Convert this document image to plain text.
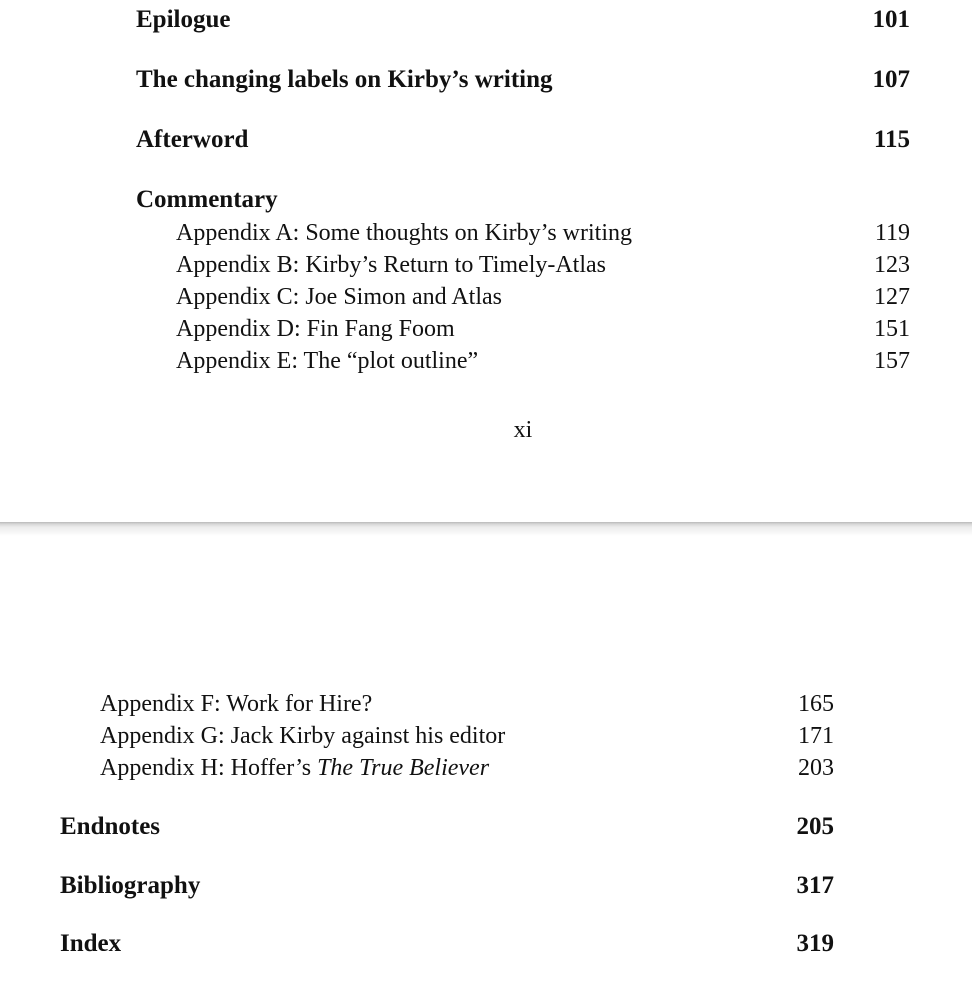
Epilogue	101
The changing labels on Kirby’s writing	107
Afterword	115
Commentary
Appendix A: Some thoughts on Kirby’s writing	119
Appendix B: Kirby’s Return to Timely-Atlas	123
Appendix C: Joe Simon and Atlas	127
Appendix D: Fin Fang Foom	151
Appendix E: The “plot outline”	157
xi
Appendix F: Work for Hire?	165
Appendix G: Jack Kirby against his editor	171
Appendix H: Hoffer’s The True Believer	203
Endnotes	205
Bibliography	317
Index	319
